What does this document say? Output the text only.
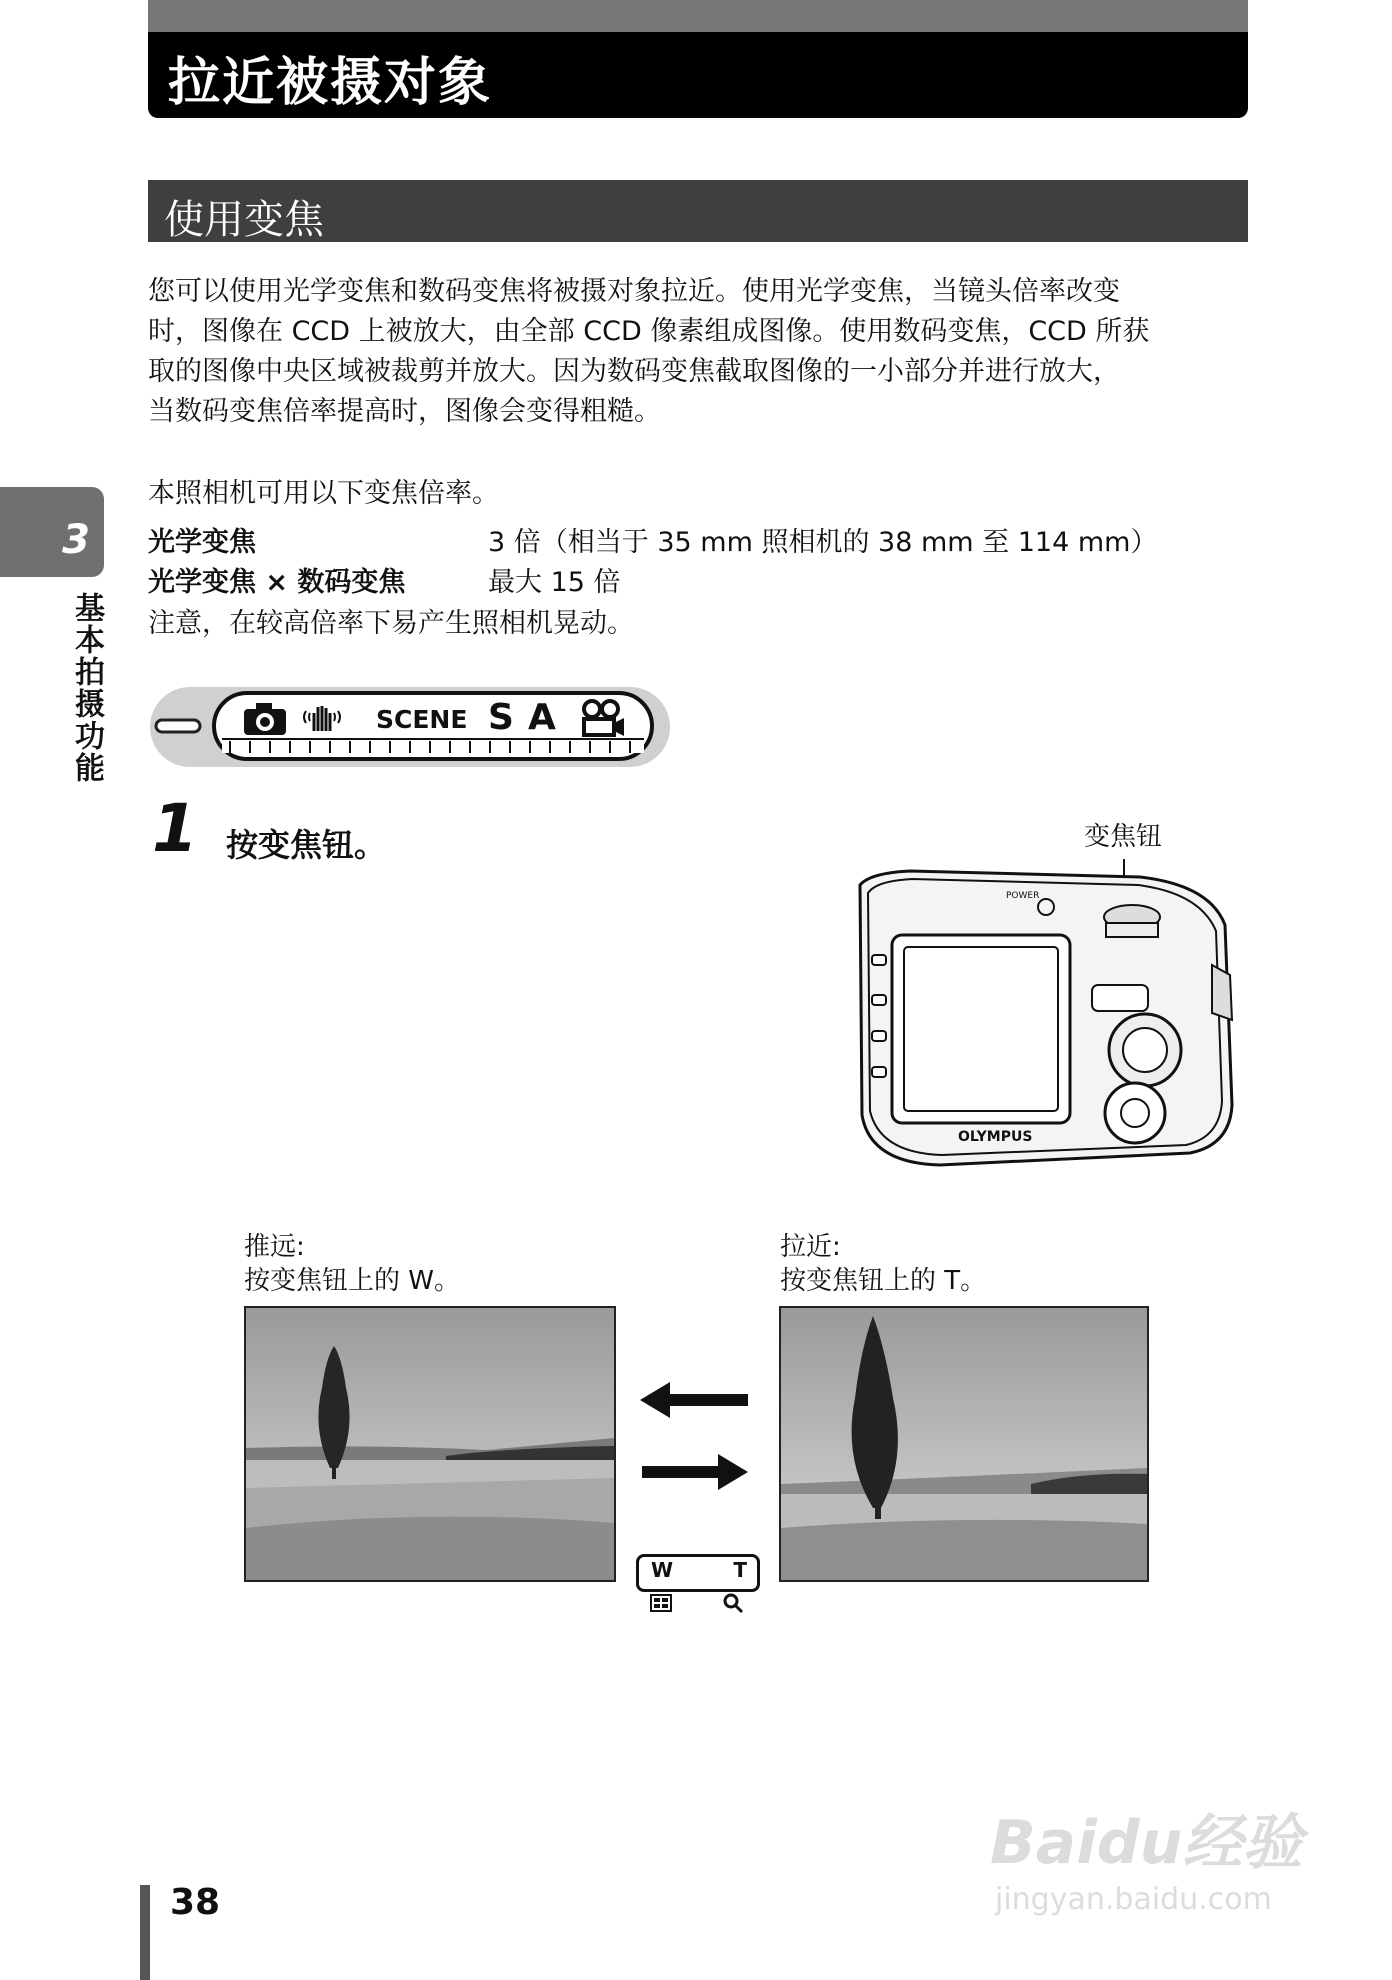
拉近被摄对象
使用变焦
您可以使用光学变焦和数码变焦将被摄对象拉近。使用光学变焦，当镜头倍率改变
时，图像在 CCD 上被放大，由全部 CCD 像素组成图像。使用数码变焦，CCD 所获
取的图像中央区域被裁剪并放大。因为数码变焦截取图像的一小部分并进行放大，
当数码变焦倍率提高时，图像会变得粗糙。
本照相机可用以下变焦倍率。
光学变焦	3 倍（相当于 35 mm 照相机的 38 mm 至 114 mm）
光学变焦 × 数码变焦	最大 15 倍
注意，在较高倍率下易产生照相机晃动。
3
基本拍摄功能	SCENE S A
1 按变焦钮。	变焦钮
OLYMPUS
POWER
推远:
按变焦钮上的 W。
拉近:
按变焦钮上的 T。
W	T
Baidu经验
jingyan.baidu.com
38
